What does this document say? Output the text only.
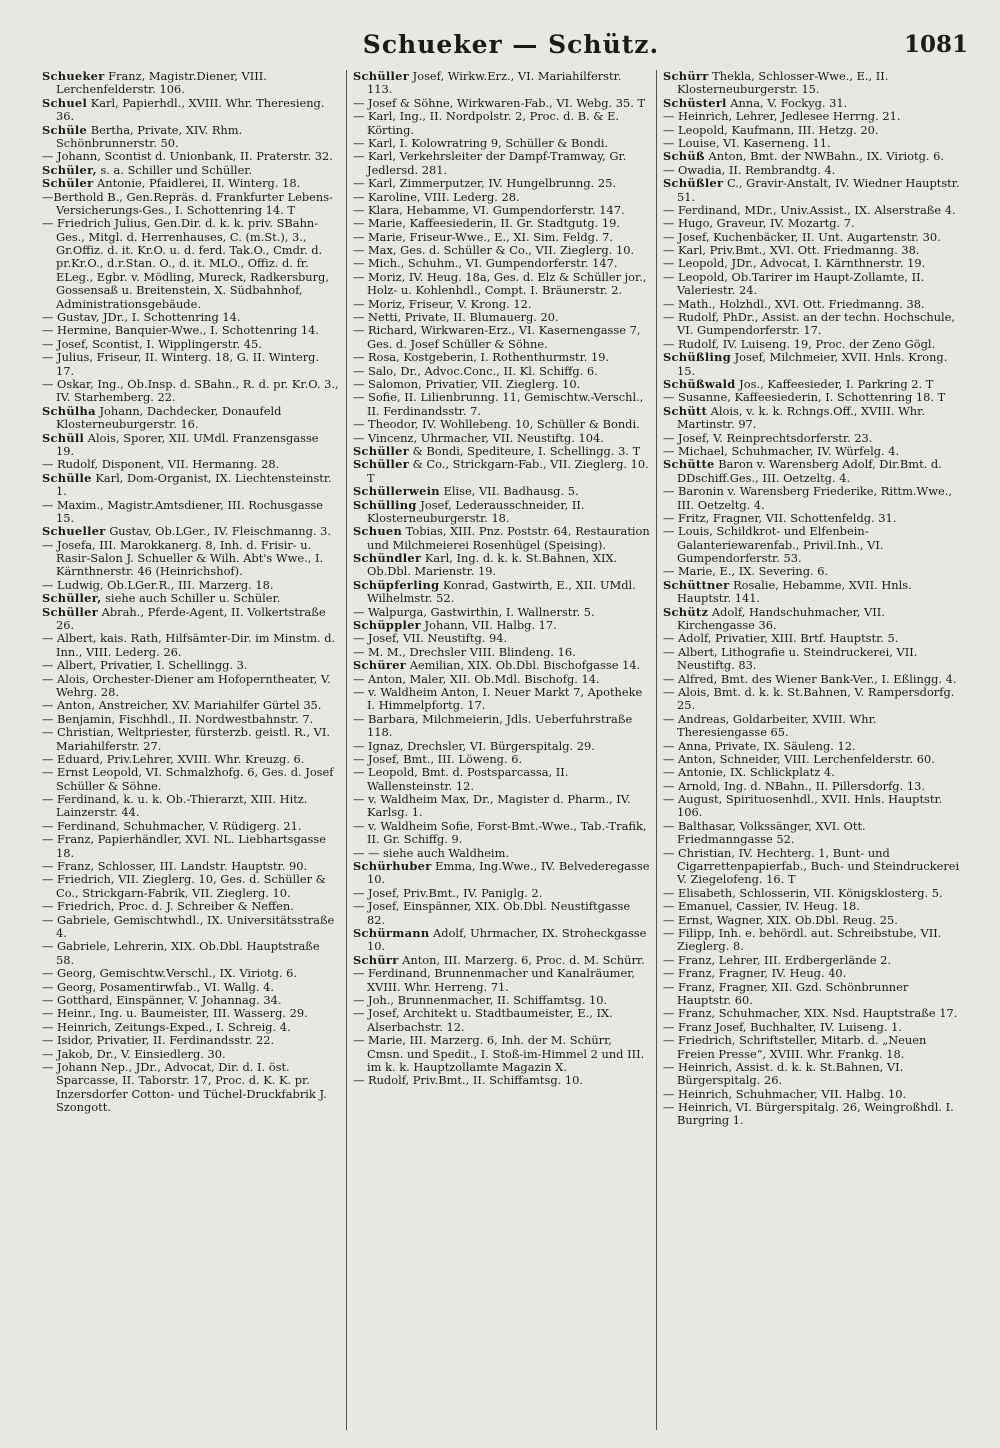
Schueker — Schütz.	1081

Schueker Franz, Magistr.Diener, VIII. Lerchenfelderstr. 106.

Schuel Karl, Papierhdl., XVIII. Whr. Theresieng. 36.

Schüle Bertha, Private, XIV. Rhm. Schönbrunnerstr. 50.

— Johann, Scontist d. Unionbank, II. Praterstr. 32.

Schüler, s. a. Schiller und Schüller.

Schüler Antonie, Pfaidlerei, II. Winterg. 18.

—Berthold B., Gen.Repräs. d. Frankfurter Lebens-Versicherungs-Ges., I. Schottenring 14. T

— Friedrich Julius, Gen.Dir. d. k. k. priv. SBahn-Ges., Mitgl. d. Herrenhauses, C. (m.St.), 3., Gr.Offiz. d. it. Kr.O. u. d. ferd. Tak.O., Cmdr. d. pr.Kr.O., d.r.Stan. O., d. it. MLO., Offiz. d. fr. ELeg., Egbr. v. Mödling, Mureck, Radkersburg, Gossensaß u. Breitenstein, X. Südbahnhof, Administrationsgebäude.

— Gustav, JDr., I. Schottenring 14.

— Hermine, Banquier-Wwe., I. Schottenring 14.

— Josef, Scontist, I. Wipplingerstr. 45.

— Julius, Friseur, II. Winterg. 18, G. II. Winterg. 17.

— Oskar, Ing., Ob.Insp. d. SBahn., R. d. pr. Kr.O. 3., IV. Starhemberg. 22.

Schülha Johann, Dachdecker, Donaufeld Klosterneuburgerstr. 16.

Schüll Alois, Sporer, XII. UMdl. Franzensgasse 19.

— Rudolf, Disponent, VII. Hermanng. 28.

Schülle Karl, Dom-Organist, IX. Liechtensteinstr. 1.

— Maxim., Magistr.Amtsdiener, III. Rochusgasse 15.

Schueller Gustav, Ob.LGer., IV. Fleischmanng. 3.

— Josefa, III. Marokkanerg. 8, Inh. d. Frisir- u. Rasir-Salon J. Schueller & Wilh. Abt's Wwe., I. Kärnthnerstr. 46 (Heinrichshof).

— Ludwig, Ob.LGer.R., III. Marzerg. 18.

Schüller, siehe auch Schiller u. Schüler.

Schüller Abrah., Pferde-Agent, II. Volkertstraße 26.

— Albert, kais. Rath, Hilfsämter-Dir. im Minstm. d. Inn., VIII. Lederg. 26.

— Albert, Privatier, I. Schellingg. 3.

— Alois, Orchester-Diener am Hofoperntheater, V. Wehrg. 28.

— Anton, Anstreicher, XV. Mariahilfer Gürtel 35.

— Benjamin, Fischhdl., II. Nordwestbahnstr. 7.

— Christian, Weltpriester, fürsterzb. geistl. R., VI. Mariahilferstr. 27.

— Eduard, Priv.Lehrer, XVIII. Whr. Kreuzg. 6.

— Ernst Leopold, VI. Schmalzhofg. 6, Ges. d. Josef Schüller & Söhne.

— Ferdinand, k. u. k. Ob.-Thierarzt, XIII. Hitz. Lainzerstr. 44.

— Ferdinand, Schuhmacher, V. Rüdigerg. 21.

— Franz, Papierhändler, XVI. NL. Liebhartsgasse 18.

— Franz, Schlosser, III. Landstr. Hauptstr. 90.

— Friedrich, VII. Zieglerg. 10, Ges. d. Schüller & Co., Strickgarn-Fabrik, VII. Zieglerg. 10.

— Friedrich, Proc. d. J. Schreiber & Neffen.

— Gabriele, Gemischtwhdl., IX. Universitätsstraße 4.

— Gabriele, Lehrerin, XIX. Ob.Dbl. Hauptstraße 58.

— Georg, Gemischtw.Verschl., IX. Viriotg. 6.

— Georg, Posamentirwfab., VI. Wallg. 4.

— Gotthard, Einspänner, V. Johannag. 34.

— Heinr., Ing. u. Baumeister, III. Wasserg. 29.

— Heinrich, Zeitungs-Exped., I. Schreig. 4.

— Isidor, Privatier, II. Ferdinandsstr. 22.

— Jakob, Dr., V. Einsiedlerg. 30.

— Johann Nep., JDr., Advocat, Dir. d. I. öst. Sparcasse, II. Taborstr. 17, Proc. d. K. K. pr. Inzersdorfer Cotton- und Tüchel-Druckfabrik J. Szongott.

Schüller Josef, Wirkw.Erz., VI. Mariahilferstr. 113.

— Josef & Söhne, Wirkwaren-Fab., VI. Webg. 35. T

— Karl, Ing., II. Nordpolstr. 2, Proc. d. B. & E. Körting.

— Karl, I. Kolowratring 9, Schüller & Bondi.

— Karl, Verkehrsleiter der Dampf-Tramway, Gr. Jedlersd. 281.

— Karl, Zimmerputzer, IV. Hungelbrunng. 25.

— Karoline, VIII. Lederg. 28.

— Klara, Hebamme, VI. Gumpendorferstr. 147.

— Marie, Kaffeesiederin, II. Gr. Stadtgutg. 19.

— Marie, Friseur-Wwe., E., XI. Sim. Feldg. 7.

— Max, Ges. d. Schüller & Co., VII. Zieglerg. 10.

— Mich., Schuhm., VI. Gumpendorferstr. 147.

— Moriz, IV. Heug. 18a, Ges. d. Elz & Schüller jor., Holz- u. Kohlenhdl., Compt. I. Bräunerstr. 2.

— Moriz, Friseur, V. Krong. 12.

— Netti, Private, II. Blumauerg. 20.

— Richard, Wirkwaren-Erz., VI. Kasernengasse 7, Ges. d. Josef Schüller & Söhne.

— Rosa, Kostgeberin, I. Rothenthurmstr. 19.

— Salo, Dr., Advoc.Conc., II. Kl. Schiffg. 6.

— Salomon, Privatier, VII. Zieglerg. 10.

— Sofie, II. Lilienbrunng. 11, Gemischtw.-Verschl., II. Ferdinandsstr. 7.

— Theodor, IV. Wohllebeng. 10, Schüller & Bondi.

— Vincenz, Uhrmacher, VII. Neustiftg. 104.

Schüller & Bondi, Spediteure, I. Schellingg. 3. T

Schüller & Co., Strickgarn-Fab., VII. Zieglerg. 10. T

Schüllerwein Elise, VII. Badhausg. 5.

Schülling Josef, Lederausschneider, II. Klosterneuburgerstr. 18.

Schuen Tobias, XIII. Pnz. Poststr. 64, Restauration und Milchmeierei Rosenhügel (Speising).

Schündler Karl, Ing. d. k. k. St.Bahnen, XIX. Ob.Dbl. Marienstr. 19.

Schüpferling Konrad, Gastwirth, E., XII. UMdl. Wilhelmstr. 52.

— Walpurga, Gastwirthin, I. Wallnerstr. 5.

Schüppler Johann, VII. Halbg. 17.

— Josef, VII. Neustiftg. 94.

— M. M., Drechsler VIII. Blindeng. 16.

Schürer Aemilian, XIX. Ob.Dbl. Bischofgasse 14.

— Anton, Maler, XII. Ob.Mdl. Bischofg. 14.

— v. Waldheim Anton, I. Neuer Markt 7, Apotheke I. Himmelpfortg. 17.

— Barbara, Milchmeierin, Jdls. Ueberfuhrstraße 118.

— Ignaz, Drechsler, VI. Bürgerspitalg. 29.

— Josef, Bmt., III. Löweng. 6.

— Leopold, Bmt. d. Postsparcassa, II. Wallensteinstr. 12.

— v. Waldheim Max, Dr., Magister d. Pharm., IV. Karlsg. 1.

— v. Waldheim Sofie, Forst-Bmt.-Wwe., Tab.-Trafik, II. Gr. Schiffg. 9.

— — siehe auch Waldheim.

Schürhuber Emma, Ing.Wwe., IV. Belvederegasse 10.

— Josef, Priv.Bmt., IV. Paniglg. 2.

— Josef, Einspänner, XIX. Ob.Dbl. Neustiftgasse 82.

Schürmann Adolf, Uhrmacher, IX. Stroheckgasse 10.

Schürr Anton, III. Marzerg. 6, Proc. d. M. Schürr.

— Ferdinand, Brunnenmacher und Kanalräumer, XVIII. Whr. Herreng. 71.

— Joh., Brunnenmacher, II. Schiffamtsg. 10.

— Josef, Architekt u. Stadtbaumeister, E., IX. Alserbachstr. 12.

— Marie, III. Marzerg. 6, Inh. der M. Schürr, Cmsn. und Spedit., I. Stoß-im-Himmel 2 und III. im k. k. Hauptzollamte Magazin X.

— Rudolf, Priv.Bmt., II. Schiffamtsg. 10.

Schürr Thekla, Schlosser-Wwe., E., II. Klosterneuburgerstr. 15.

Schüsterl Anna, V. Fockyg. 31.

— Heinrich, Lehrer, Jedlesee Herrng. 21.

— Leopold, Kaufmann, III. Hetzg. 20.

— Louise, VI. Kaserneng. 11.

Schüß Anton, Bmt. der NWBahn., IX. Viriotg. 6.

— Owadia, II. Rembrandtg. 4.

Schüßler C., Gravir-Anstalt, IV. Wiedner Hauptstr. 51.

— Ferdinand, MDr., Univ.Assist., IX. Alserstraße 4.

— Hugo, Graveur, IV. Mozartg. 7.

— Josef, Kuchenbäcker, II. Unt. Augartenstr. 30.

— Karl, Priv.Bmt., XVI. Ott. Friedmanng. 38.

— Leopold, JDr., Advocat, I. Kärnthnerstr. 19.

— Leopold, Ob.Tarirer im Haupt-Zollamte, II. Valeriestr. 24.

— Math., Holzhdl., XVI. Ott. Friedmanng. 38.

— Rudolf, PhDr., Assist. an der techn. Hochschule, VI. Gumpendorferstr. 17.

— Rudolf, IV. Luiseng. 19, Proc. der Zeno Gögl.

Schüßling Josef, Milchmeier, XVII. Hnls. Krong. 15.

Schüßwald Jos., Kaffeesieder, I. Parkring 2. T

— Susanne, Kaffeesiederin, I. Schottenring 18. T

Schütt Alois, v. k. k. Rchngs.Off., XVIII. Whr. Martinstr. 97.

— Josef, V. Reinprechtsdorferstr. 23.

— Michael, Schuhmacher, IV. Würfelg. 4.

Schütte Baron v. Warensberg Adolf, Dir.Bmt. d. DDschiff.Ges., III. Oetzeltg. 4.

— Baronin v. Warensberg Friederike, Rittm.Wwe., III. Oetzeltg. 4.

— Fritz, Fragner, VII. Schottenfeldg. 31.

— Louis, Schildkrot- und Elfenbein-Galanteriewarenfab., Privil.Inh., VI. Gumpendorferstr. 53.

— Marie, E., IX. Severing. 6.

Schüttner Rosalie, Hebamme, XVII. Hnls. Hauptstr. 141.

Schütz Adolf, Handschuhmacher, VII. Kirchengasse 36.

— Adolf, Privatier, XIII. Brtf. Hauptstr. 5.

— Albert, Lithografie u. Steindruckerei, VII. Neustiftg. 83.

— Alfred, Bmt. des Wiener Bank-Ver., I. Eßlingg. 4.

— Alois, Bmt. d. k. k. St.Bahnen, V. Rampersdorfg. 25.

— Andreas, Goldarbeiter, XVIII. Whr. Theresiengasse 65.

— Anna, Private, IX. Säuleng. 12.

— Anton, Schneider, VIII. Lerchenfelderstr. 60.

— Antonie, IX. Schlickplatz 4.

— Arnold, Ing. d. NBahn., II. Pillersdorfg. 13.

— August, Spirituosenhdl., XVII. Hnls. Hauptstr. 106.

— Balthasar, Volkssänger, XVI. Ott. Friedmanngasse 52.

— Christian, IV. Hechterg. 1, Bunt- und Cigarrettenpapierfab., Buch- und Steindruckerei V. Ziegelofeng. 16. T

— Elisabeth, Schlosserin, VII. Königsklosterg. 5.

— Emanuel, Cassier, IV. Heug. 18.

— Ernst, Wagner, XIX. Ob.Dbl. Reug. 25.

— Filipp, Inh. e. behördl. aut. Schreibstube, VII. Zieglerg. 8.

— Franz, Lehrer, III. Erdbergerlände 2.

— Franz, Fragner, IV. Heug. 40.

— Franz, Fragner, XII. Gzd. Schönbrunner Hauptstr. 60.

— Franz, Schuhmacher, XIX. Nsd. Hauptstraße 17.

— Franz Josef, Buchhalter, IV. Luiseng. 1.

— Friedrich, Schriftsteller, Mitarb. d. „Neuen Freien Presse“, XVIII. Whr. Frankg. 18.

— Heinrich, Assist. d. k. k. St.Bahnen, VI. Bürgerspitalg. 26.

— Heinrich, Schuhmacher, VII. Halbg. 10.

— Heinrich, VI. Bürgerspitalg. 26, Weingroßhdl. I. Burgring 1.
